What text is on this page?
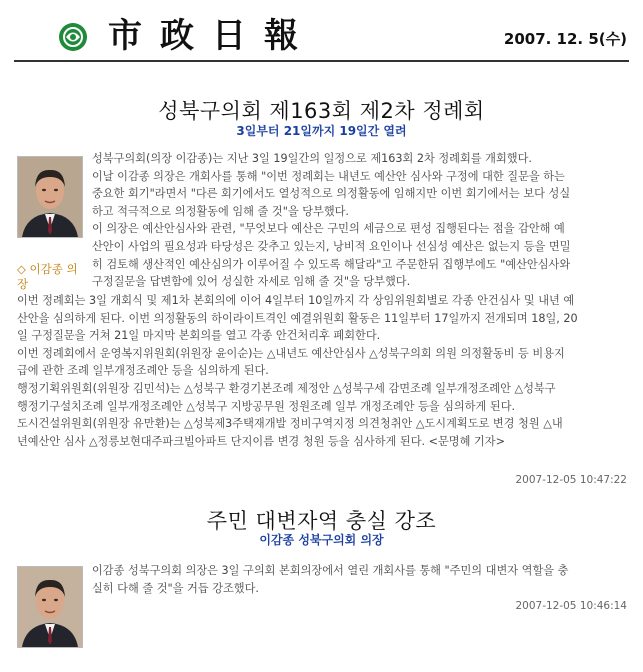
市政日報	2007. 12. 5(수)
성북구의회 제163회 제2차 정례회
3일부터 21일까지 19일간 열려
◇ 이감종 의장

성북구의회(의장 이감종)는 지난 3일 19일간의 일정으로 제163회 2차 정례회를 개회했다.

이날 이감종 의장은 개회사를 통해 "이번 정례회는 내년도 예산안 심사와 구정에 대한 질문을 하는

중요한 회기"라면서 "다른 회기에서도 열성적으로 의정활동에 임해지만 이번 회기에서는 보다 성실

하고 적극적으로 의정활동에 임해 줄 것"을 당부했다.

이 의장은 예산안심사와 관련, "무엇보다 예산은 구민의 세금으로 편성 집행된다는 점을 감안해 예

산안이 사업의 필요성과 타당성은 갖추고 있는지, 낭비적 요인이나 선심성 예산은 없는지 등을 면밀

히 검토해 생산적인 예산심의가 이루어질 수 있도록 해달라"고 주문한뒤 집행부에도 "예산안심사와

구정질문을 답변함에 있어 성실한 자세로 임해 줄 것"을 당부했다.

이번 정례회는 3일 개회식 및 제1차 본회의에 이어 4일부터 10일까지 각 상임위원회별로 각종 안건심사 및 내년 예

산안을 심의하게 된다. 이번 의정활동의 하이라이트격인 예결위원회 활동은 11일부터 17일까지 전개되며 18일, 20

일 구정질문을 거쳐 21일 마지막 본회의를 열고 각종 안건처리후 폐회한다.

이번 정례회에서 운영복지위원회(위원장 윤이순)는 △내년도 예산안심사 △성북구의회 의원 의정활동비 등 비용지

급에 관한 조례 일부개정조례안 등을 심의하게 된다.

행정기획위원회(위원장 김민석)는 △성북구 환경기본조례 제정안 △성북구세 감면조례 일부개정조례안 △성북구

행정기구설치조례 일부개정조례안 △성북구 지방공무원 정원조례 일부 개정조례안 등을 심의하게 된다.

도시건설위원회(위원장 유만환)는 △성북제3주택재개발 정비구역지정 의견청취안 △도시계획도로 변경 청원 △내

년예산안 심사 △정릉보현대주파크빌아파트 단지이름 변경 청원 등을 심사하게 된다. <문명혜 기자>

2007-12-05 10:47:22
주민 대변자역 충실 강조
이감종 성북구의회 의장

이감종 성북구의회 의장은 3일 구의회 본회의장에서 열린 개회사를 통해 "주민의 대변자 역할을 충

실히 다해 줄 것"을 거듭 강조했다.

2007-12-05 10:46:14
